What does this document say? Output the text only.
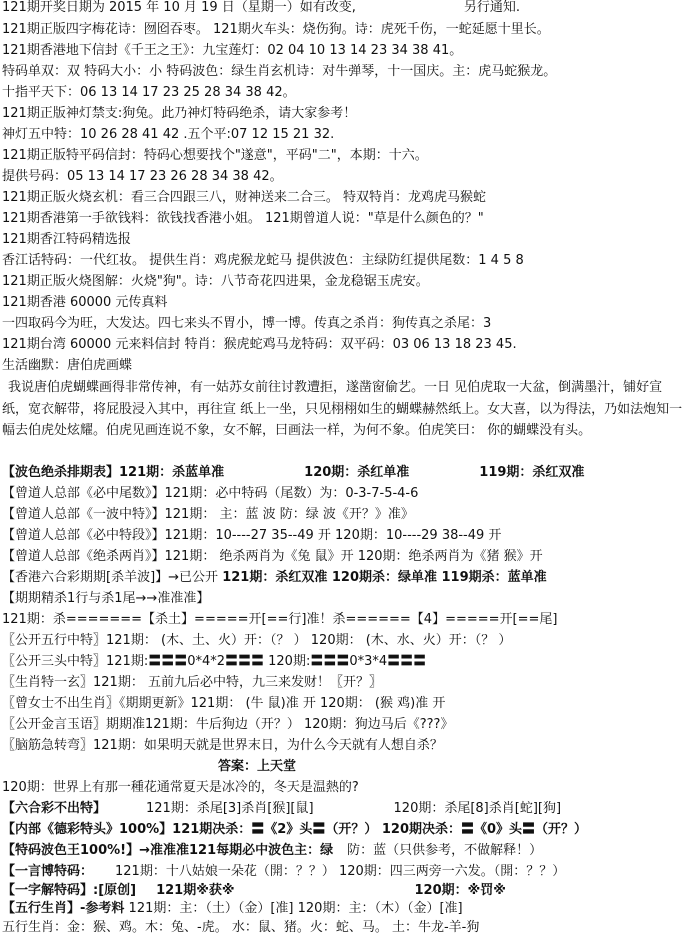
121期开奖日期为 2015 年 10 月 19 日（星期一）如有改变,	另行通知.
121期正版四字梅花诗：囫囵吞枣。 121期火车头：烧伤狗。诗：虎死千伤，一蛇延愿十里长。
121期香港地下信封《千王之王》：九宝莲灯：02 04 10 13 14 23 34 38 41。
特码单双：双 特码大小：小 特码波色：绿生肖玄机诗：对牛弹琴，十一国庆。主：虎马蛇猴龙。
十指平天下：06 13 14 17 23 25 28 34 38 42。
121期正版神灯禁支:狗兔。此乃神灯特码绝杀，请大家参考！
神灯五中特：10 26 28 41 42 .五个平:07 12 15 21 32.
121期正版特平码信封：特码心想要找个"遂意"，平码"二"，本期：十六。
提供号码：05 13 14 17 23 26 28 34 38 42。
121期正版火烧玄机：看三合四跟三八，财神送来二合三。 特双特肖：龙鸡虎马猴蛇
121期香港第一手欲钱料：欲钱找香港小姐。 121期曾道人说："草是什么颜色的？"
121期香江特码精选报
香江话特码：一代红妆。 提供生肖：鸡虎猴龙蛇马 提供波色：主绿防红提供尾数：1 4 5 8
121期正版火烧图解：火烧"狗"。诗：八节奇花四进果，金龙稳锯玉虎安。
121期香港 60000 元传真料
一四取码今为旺，大发达。四七来头不胃小，博一博。传真之杀肖：狗传真之杀尾：3
121期台湾 60000 元来料信封 特肖：猴虎蛇鸡马龙特码：双平码：03 06 13 18 23 45.
生活幽默：唐伯虎画蝶
我说唐伯虎蝴蝶画得非常传神，有一姑苏女前往讨教遭拒，遂凿窗偷艺。一日 见伯虎取一大盆，倒满墨汁，铺好宣纸，宽衣解带，将屁股浸入其中，再往宣 纸上一坐，只见栩栩如生的蝴蝶赫然纸上。女大喜，以为得法，乃如法炮知一 幅去伯虎处炫耀。伯虎见画连说不象，女不解，曰画法一样，为何不象。伯虎笑曰： 你的蝴蝶没有头。
【波色绝杀排期表】121期：杀蓝单准	120期：杀红单准	119期：杀红双准
【曾道人总部《必中尾数》】121期：必中特码（尾数）为：0-3-7-5-4-6
【曾道人总部《一波中特》】121期： 主：蓝 波 防：绿 波《开？》准》
【曾道人总部《必中特段》】121期：10----27 35--49 开 120期：10----29 38--49 开
【曾道人总部《绝杀两肖》】121期： 绝杀两肖为《兔 鼠》开 120期：绝杀两肖为《猪 猴》开
【香港六合彩期期[杀羊波]】→已公开 121期：杀红双准 120期杀：绿单准 119期杀：蓝单准
【期期精杀1行与杀1尾→→准准准】
121期：杀=======【杀土】=====开[==行]准！杀======【4】=====开[==尾]
〖公开五行中特〗121期： (木、土、火）开：（？ ） 120期： (木、水、火）开：（？ ）
〖公开三头中特〗121期:〓〓〓0*4*2〓〓〓 120期:〓〓〓0*3*4〓〓〓
〖生肖特一玄〗121期： 五前九后必中特，九三来发财！〖开？〗
〖曾女士不出生肖〗《期期更新》121期： (牛 鼠)准 开 120期： (猴 鸡)准 开
〖公开金言玉语〗期期准121期：牛后狗边（开？） 120期：狗边马后《???》
〖脑筋急转弯〗121期：如果明天就是世界末日，为什么今天就有人想自杀？
答案：上天堂
120期：世界上有那一種花通常夏天是冰冷的，冬天是温熱的?
【六合彩不出特】	121期：杀尾[3]杀肖[猴][鼠]	120期：杀尾[8]杀肖[蛇][狗]
【内部《德彩特头》100%】121期决杀：〓《2》头〓（开？） 120期决杀：〓《0》头〓（开？）
【特码波色王100%!】→准准准121每期必中波色主：绿 防：蓝（只供参考，不做解释！）
【一言博特码： 121期：十八姑娘一朵花（開：？？） 120期：四三两旁一六发。（開：？？）
【一字解特码】:[原创] 121期※获※	120期：※罚※
【五行生肖】-参考料 121期：主：（土）（金）[准] 120期：主：（木）（金）[准]
五行生肖：金：猴、鸡。木：兔、-虎。 水：鼠、猪。火：蛇、马。 土：牛龙-羊-狗
